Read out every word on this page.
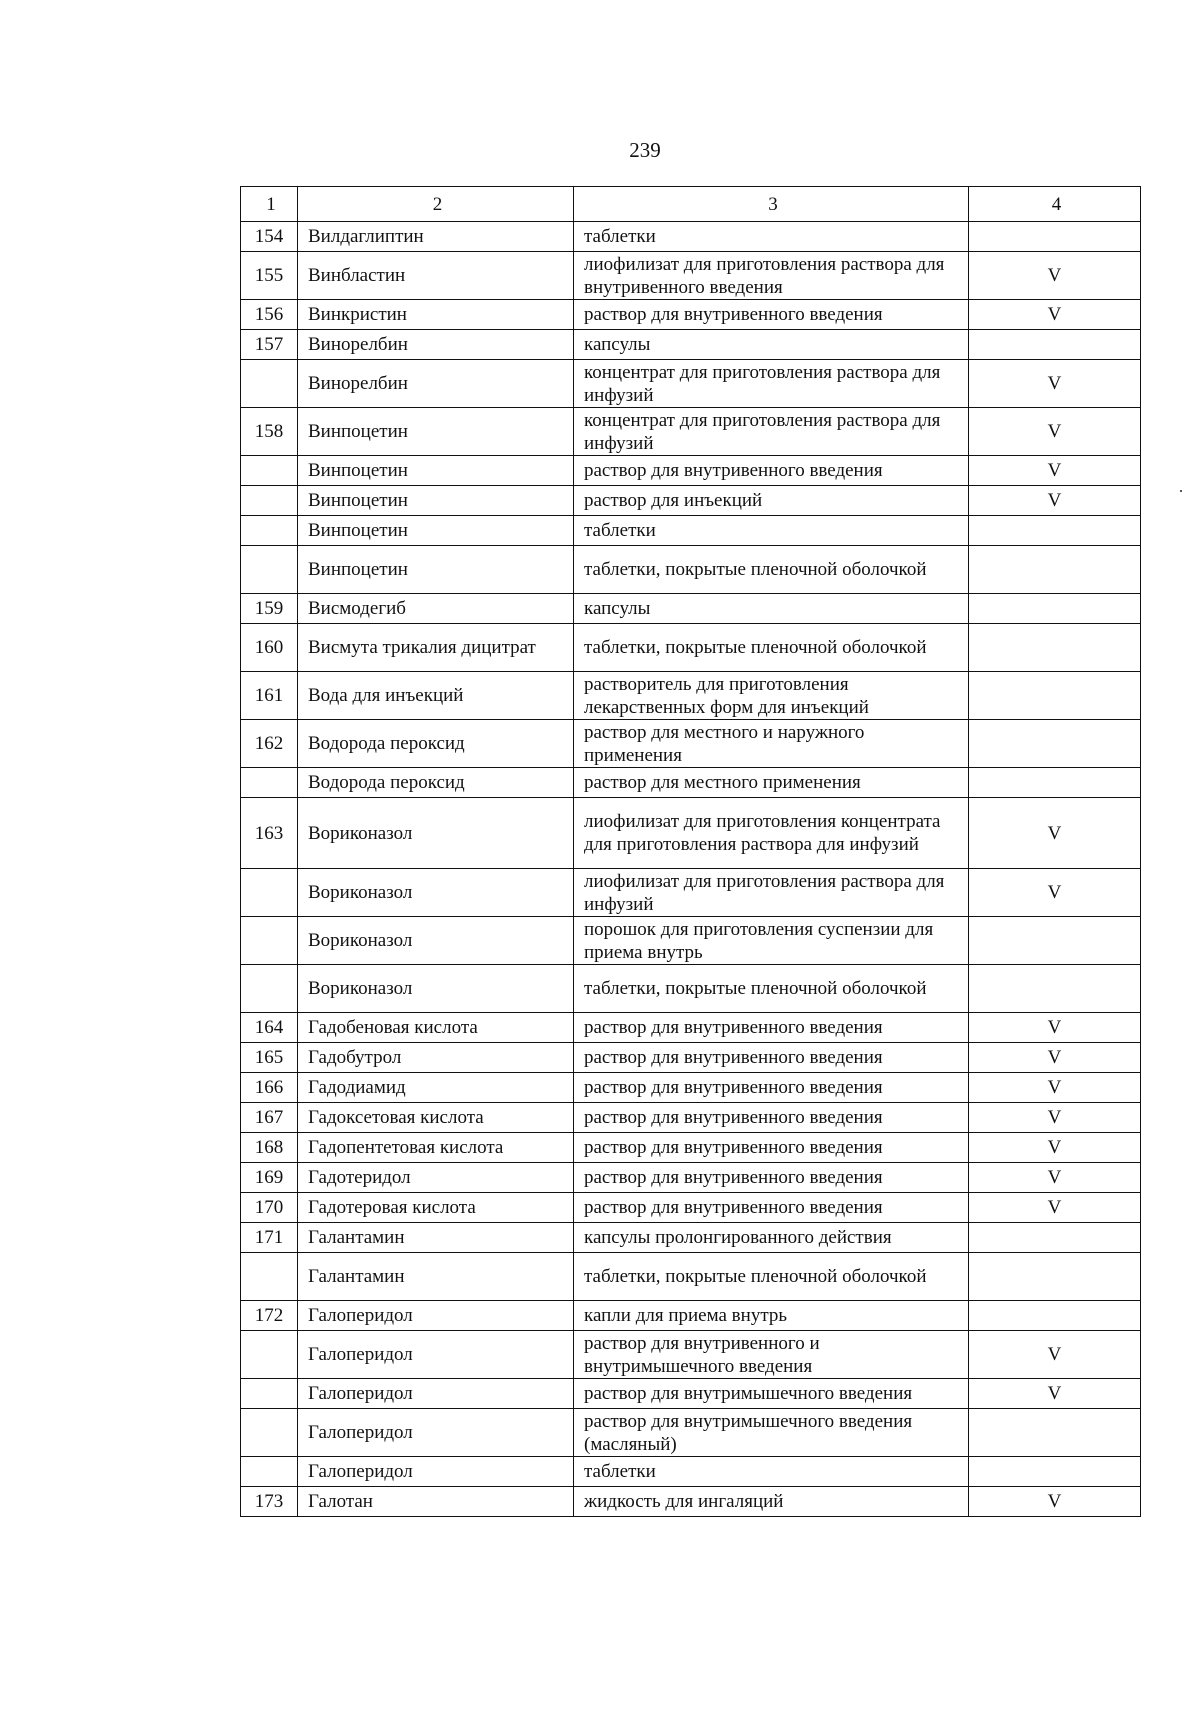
239
1	2	3	4
154	Вилдаглиптин	таблетки	
155	Винбластин	лиофилизат для приготовления раствора для внутривенного введения	V
156	Винкристин	раствор для внутривенного введения	V
157	Винорелбин	капсулы	
	Винорелбин	концентрат для приготовления раствора для инфузий	V
158	Винпоцетин	концентрат для приготовления раствора для инфузий	V
	Винпоцетин	раствор для внутривенного введения	V
	Винпоцетин	раствор для инъекций	V
	Винпоцетин	таблетки	
	Винпоцетин	таблетки, покрытые пленочной оболочкой	
159	Висмодегиб	капсулы	
160	Висмута трикалия дицитрат	таблетки, покрытые пленочной оболочкой	
161	Вода для инъекций	растворитель для приготовления лекарственных форм для инъекций	
162	Водорода пероксид	раствор для местного и наружного применения	
	Водорода пероксид	раствор для местного применения	
163	Вориконазол	лиофилизат для приготовления концентрата для приготовления раствора для инфузий	V
	Вориконазол	лиофилизат для приготовления раствора для инфузий	V
	Вориконазол	порошок для приготовления суспензии для приема внутрь	
	Вориконазол	таблетки, покрытые пленочной оболочкой	
164	Гадобеновая кислота	раствор для внутривенного введения	V
165	Гадобутрол	раствор для внутривенного введения	V
166	Гадодиамид	раствор для внутривенного введения	V
167	Гадоксетовая кислота	раствор для внутривенного введения	V
168	Гадопентетовая кислота	раствор для внутривенного введения	V
169	Гадотеридол	раствор для внутривенного введения	V
170	Гадотеровая кислота	раствор для внутривенного введения	V
171	Галантамин	капсулы пролонгированного действия	
	Галантамин	таблетки, покрытые пленочной оболочкой	
172	Галоперидол	капли для приема внутрь	
	Галоперидол	раствор для внутривенного и внутримышечного введения	V
	Галоперидол	раствор для внутримышечного введения	V
	Галоперидол	раствор для внутримышечного введения (масляный)	
	Галоперидол	таблетки	
173	Галотан	жидкость для ингаляций	V
